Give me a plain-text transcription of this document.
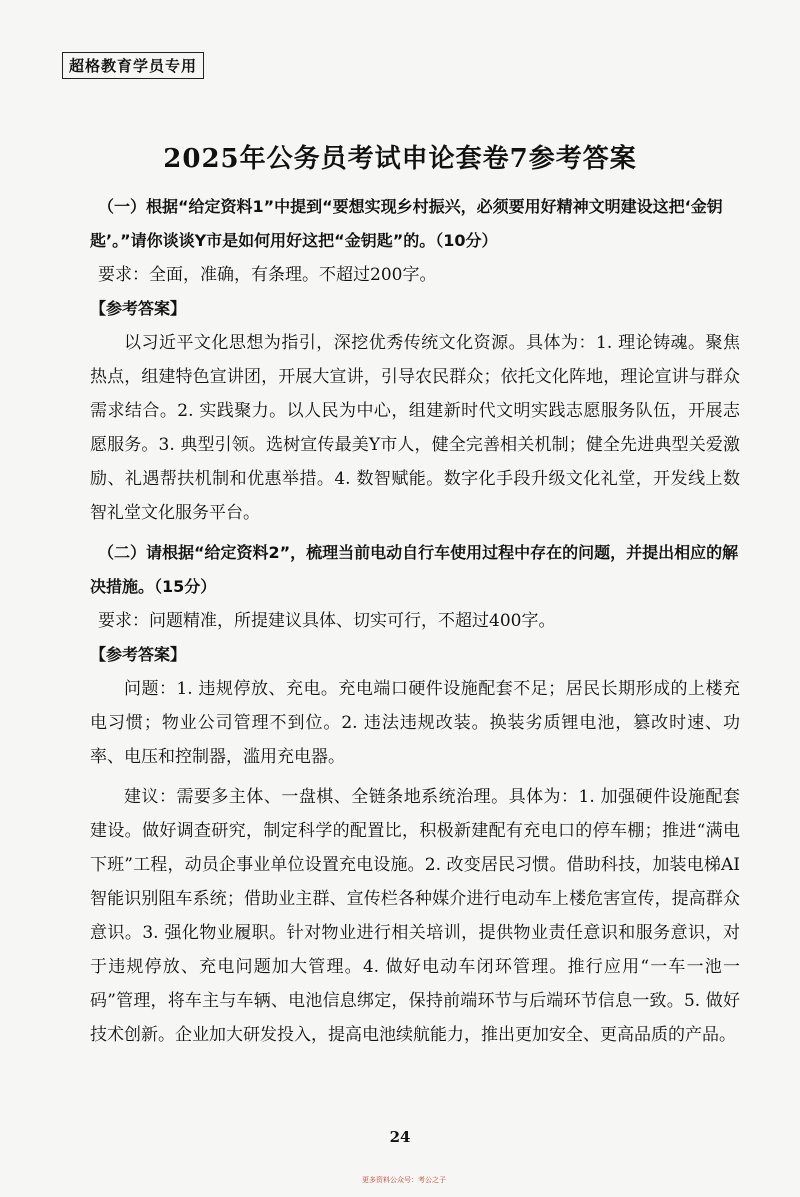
超格教育学员专用
2025年公务员考试申论套卷7参考答案

（一）根据“给定资料1”中提到“要想实现乡村振兴，必须要用好精神文明建设这把‘金钥匙’。”请你谈谈Y市是如何用好这把“金钥匙”的。（10分）

要求：全面，准确，有条理。不超过200字。

【参考答案】

以习近平文化思想为指引，深挖优秀传统文化资源。具体为：1. 理论铸魂。聚焦热点，组建特色宣讲团，开展大宣讲，引导农民群众；依托文化阵地，理论宣讲与群众需求结合。2. 实践聚力。以人民为中心，组建新时代文明实践志愿服务队伍，开展志愿服务。3. 典型引领。选树宣传最美Y市人，健全完善相关机制；健全先进典型关爱激励、礼遇帮扶机制和优惠举措。4. 数智赋能。数字化手段升级文化礼堂，开发线上数智礼堂文化服务平台。

（二）请根据“给定资料2”，梳理当前电动自行车使用过程中存在的问题，并提出相应的解决措施。（15分）

要求：问题精准，所提建议具体、切实可行，不超过400字。

【参考答案】

问题：1. 违规停放、充电。充电端口硬件设施配套不足；居民长期形成的上楼充电习惯；物业公司管理不到位。2. 违法违规改装。换装劣质锂电池，篡改时速、功率、电压和控制器，滥用充电器。

建议：需要多主体、一盘棋、全链条地系统治理。具体为：1. 加强硬件设施配套建设。做好调查研究，制定科学的配置比，积极新建配有充电口的停车棚；推进“满电下班”工程，动员企事业单位设置充电设施。2. 改变居民习惯。借助科技，加装电梯AI智能识别阻车系统；借助业主群、宣传栏各种媒介进行电动车上楼危害宣传，提高群众意识。3. 强化物业履职。针对物业进行相关培训，提供物业责任意识和服务意识，对于违规停放、充电问题加大管理。4. 做好电动车闭环管理。推行应用“一车一池一码”管理，将车主与车辆、电池信息绑定，保持前端环节与后端环节信息一致。5. 做好技术创新。企业加大研发投入，提高电池续航能力，推出更加安全、更高品质的产品。

24
更多资料公众号：考公之子
